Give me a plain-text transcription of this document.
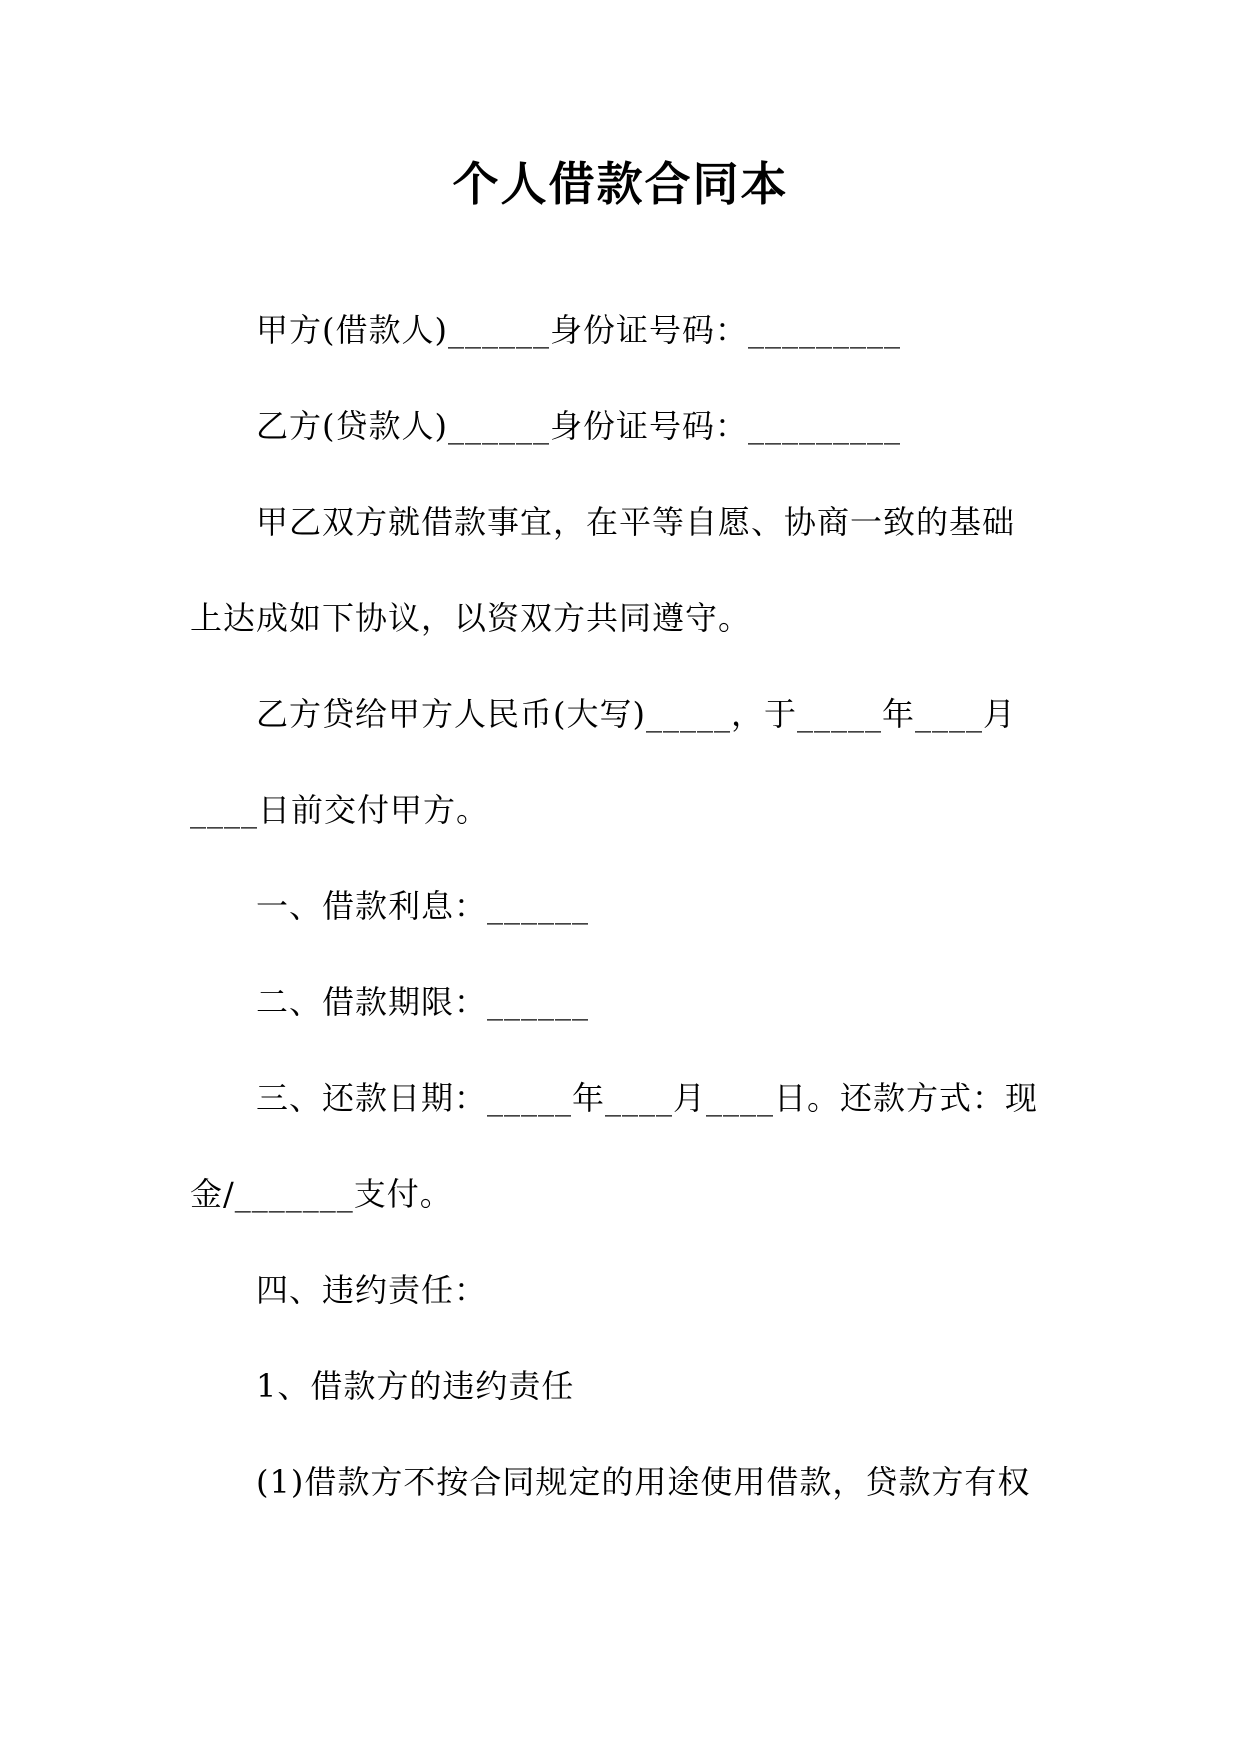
个人借款合同本
甲方(借款人)______身份证号码：_________
乙方(贷款人)______身份证号码：_________
甲乙双方就借款事宜，在平等自愿、协商一致的基础
上达成如下协议，以资双方共同遵守。
乙方贷给甲方人民币(大写)_____，于_____年____月
____日前交付甲方。
一、借款利息：______
二、借款期限：______
三、还款日期：_____年____月____日。还款方式：现
金/_______支付。
四、违约责任：
1、借款方的违约责任
(1)借款方不按合同规定的用途使用借款，贷款方有权
